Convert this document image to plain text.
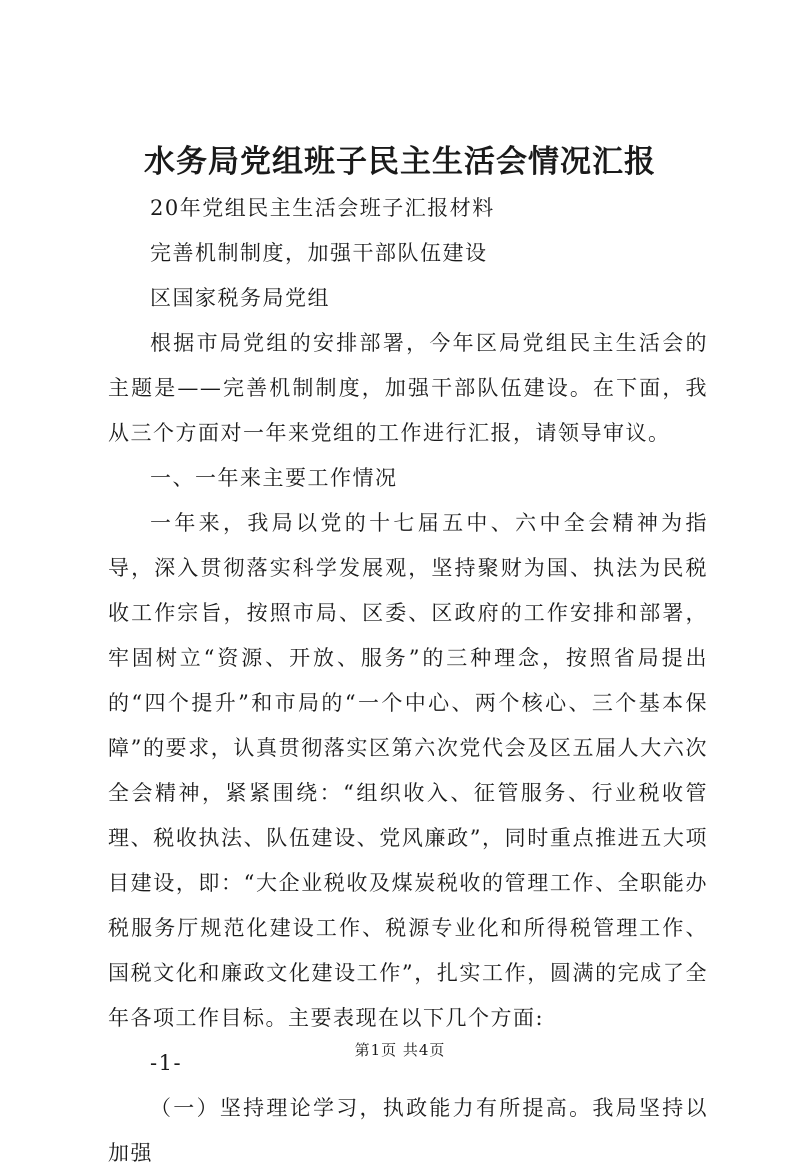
水务局党组班子民主生活会情况汇报

20年党组民主生活会班子汇报材料

完善机制制度，加强干部队伍建设

区国家税务局党组

根据市局党组的安排部署，今年区局党组民主生活会的主题是——完善机制制度，加强干部队伍建设。在下面，我从三个方面对一年来党组的工作进行汇报，请领导审议。

一、一年来主要工作情况

一年来，我局以党的十七届五中、六中全会精神为指导，深入贯彻落实科学发展观，坚持聚财为国、执法为民税收工作宗旨，按照市局、区委、区政府的工作安排和部署，牢固树立“资源、开放、服务”的三种理念，按照省局提出的“四个提升”和市局的“一个中心、两个核心、三个基本保障”的要求，认真贯彻落实区第六次党代会及区五届人大六次全会精神，紧紧围绕：“组织收入、征管服务、行业税收管理、税收执法、队伍建设、党风廉政”，同时重点推进五大项目建设，即：“大企业税收及煤炭税收的管理工作、全职能办税服务厅规范化建设工作、税源专业化和所得税管理工作、国税文化和廉政文化建设工作”，扎实工作，圆满的完成了全年各项工作目标。主要表现在以下几个方面:

-1-

（一）坚持理论学习，执政能力有所提高。我局坚持以加强

第1页 共4页
